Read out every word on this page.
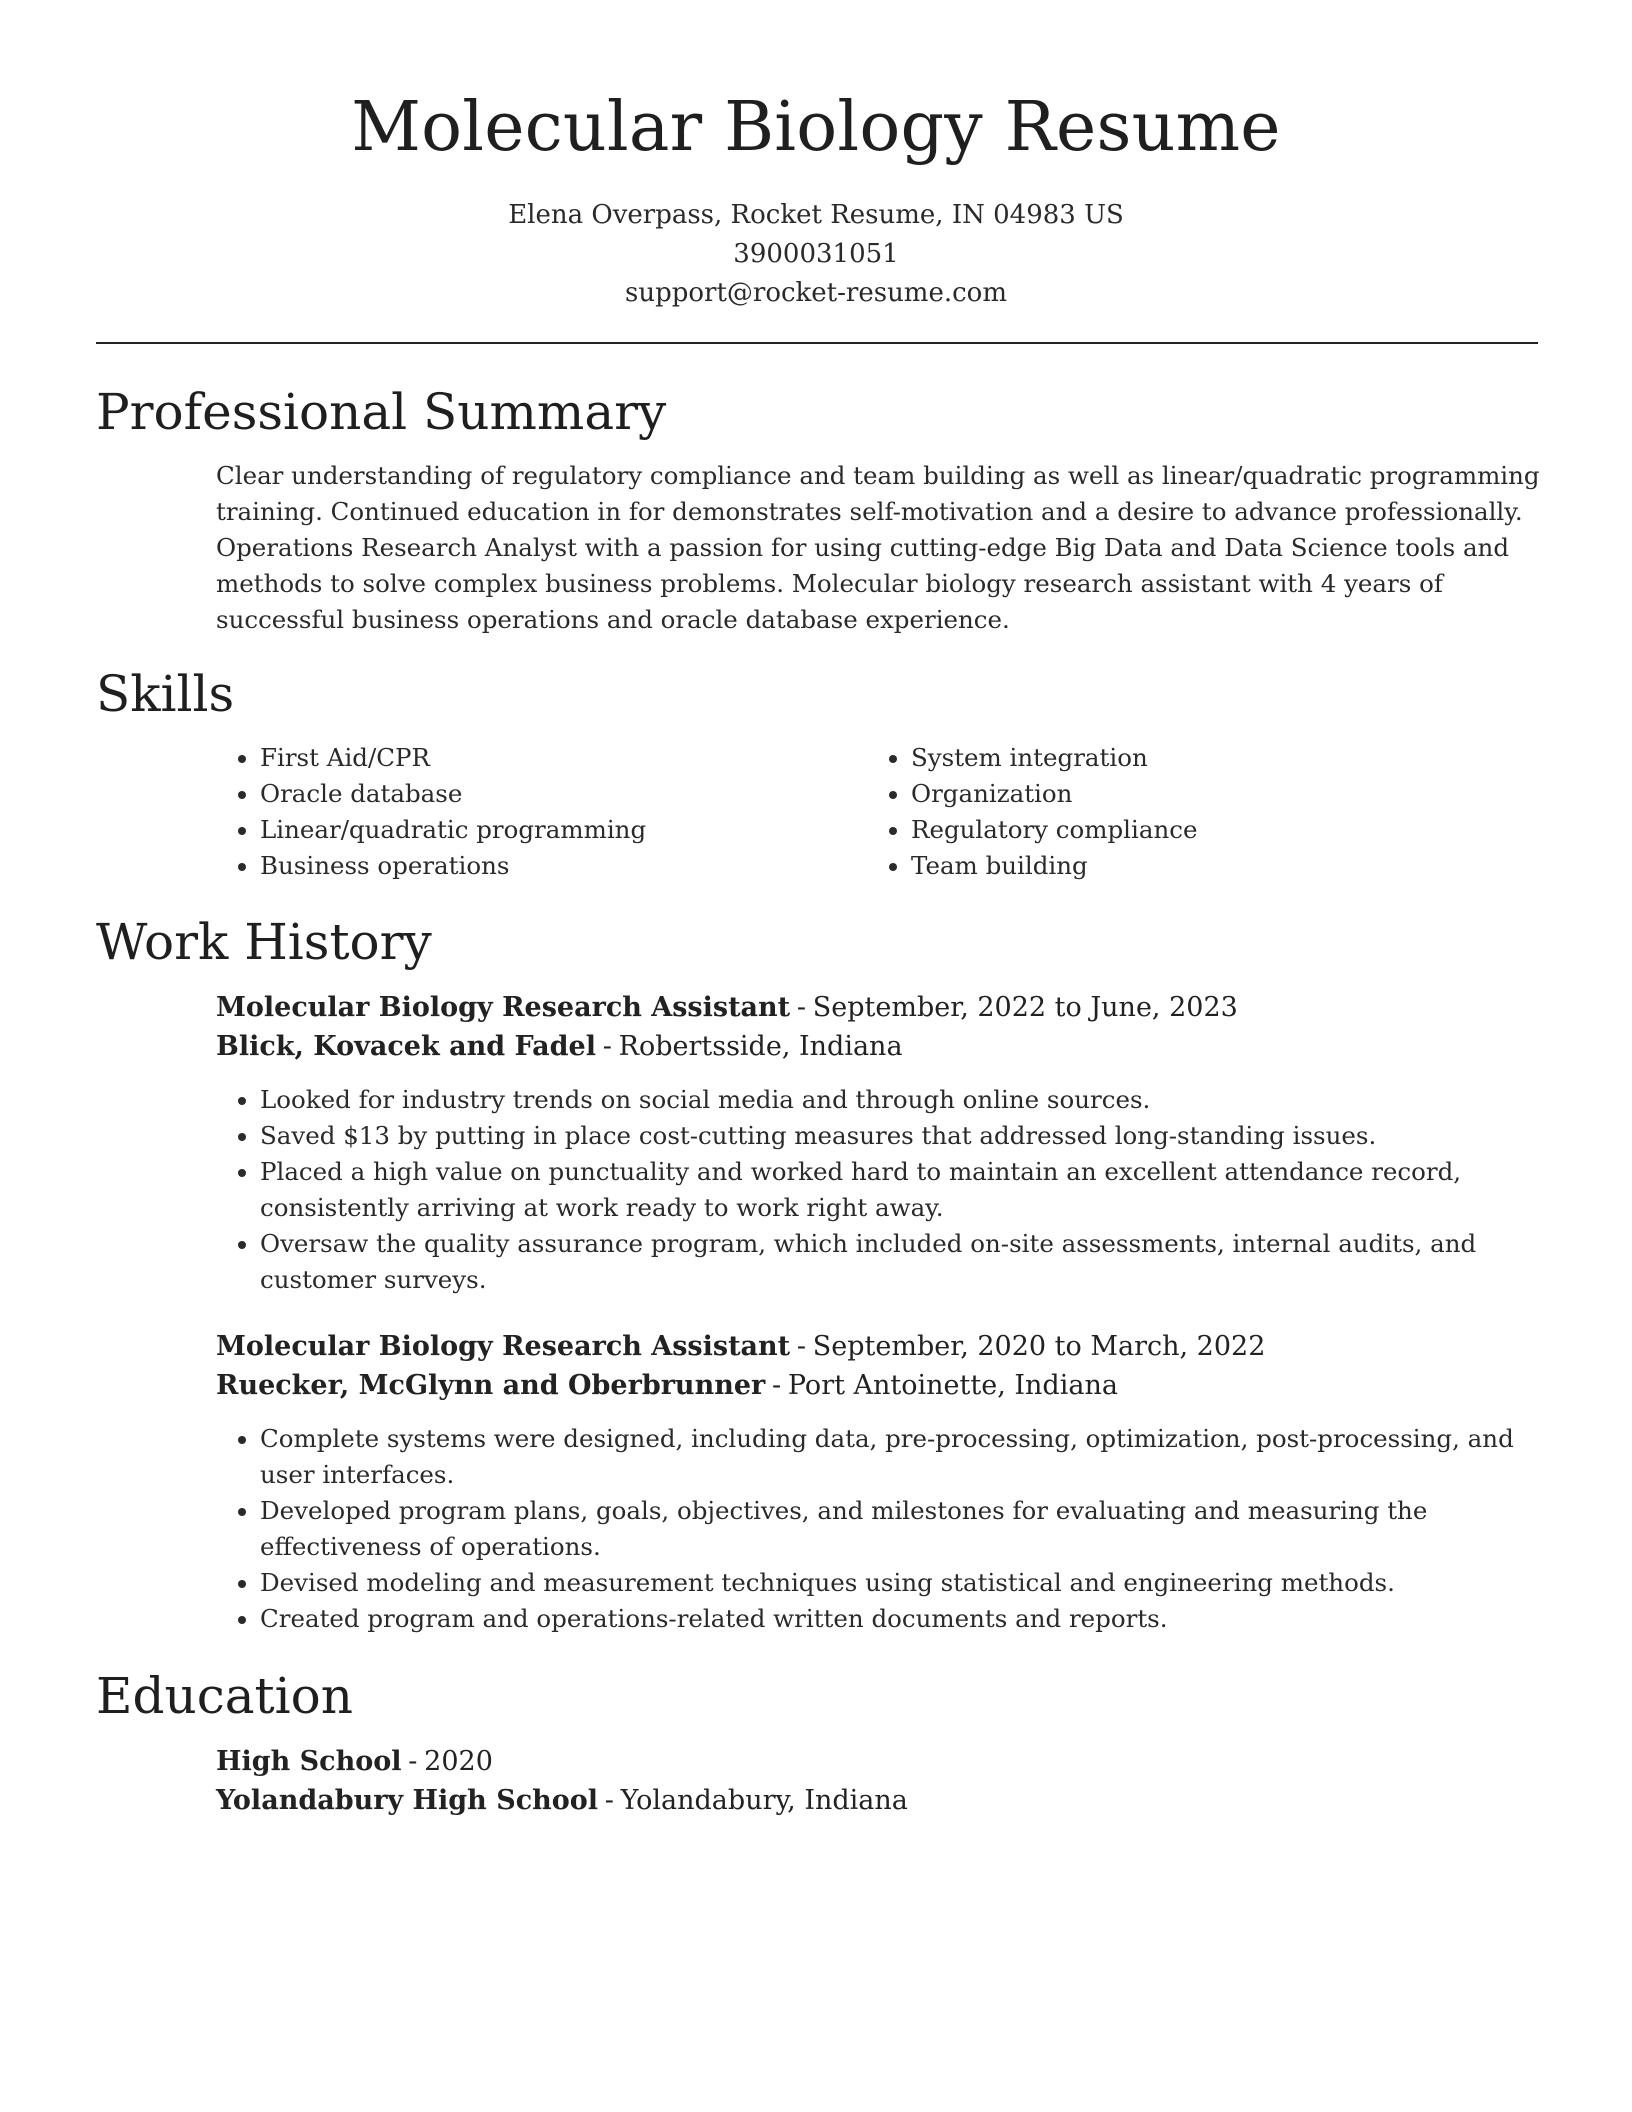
Molecular Biology Resume
Elena Overpass, Rocket Resume, IN 04983 US
3900031051
support@rocket-resume.com
Professional Summary

Clear understanding of regulatory compliance and team building as well as linear/quadratic programming training. Continued education in for demonstrates self-motivation and a desire to advance professionally. Operations Research Analyst with a passion for using cutting-edge Big Data and Data Science tools and methods to solve complex business problems. Molecular biology research assistant with 4 years of successful business operations and oracle database experience.

Skills
• First Aid/CPR
• Oracle database
• Linear/quadratic programming
• Business operations
• System integration
• Organization
• Regulatory compliance
• Team building
Work History
Molecular Biology Research Assistant - September, 2022 to June, 2023
Blick, Kovacek and Fadel - Robertsside, Indiana
• Looked for industry trends on social media and through online sources.
• Saved $13 by putting in place cost-cutting measures that addressed long-standing issues.
• Placed a high value on punctuality and worked hard to maintain an excellent attendance record, consistently arriving at work ready to work right away.
• Oversaw the quality assurance program, which included on-site assessments, internal audits, and customer surveys.
Molecular Biology Research Assistant - September, 2020 to March, 2022
Ruecker, McGlynn and Oberbrunner - Port Antoinette, Indiana
• Complete systems were designed, including data, pre-processing, optimization, post-processing, and user interfaces.
• Developed program plans, goals, objectives, and milestones for evaluating and measuring the effectiveness of operations.
• Devised modeling and measurement techniques using statistical and engineering methods.
• Created program and operations-related written documents and reports.
Education
High School - 2020
Yolandabury High School - Yolandabury, Indiana
